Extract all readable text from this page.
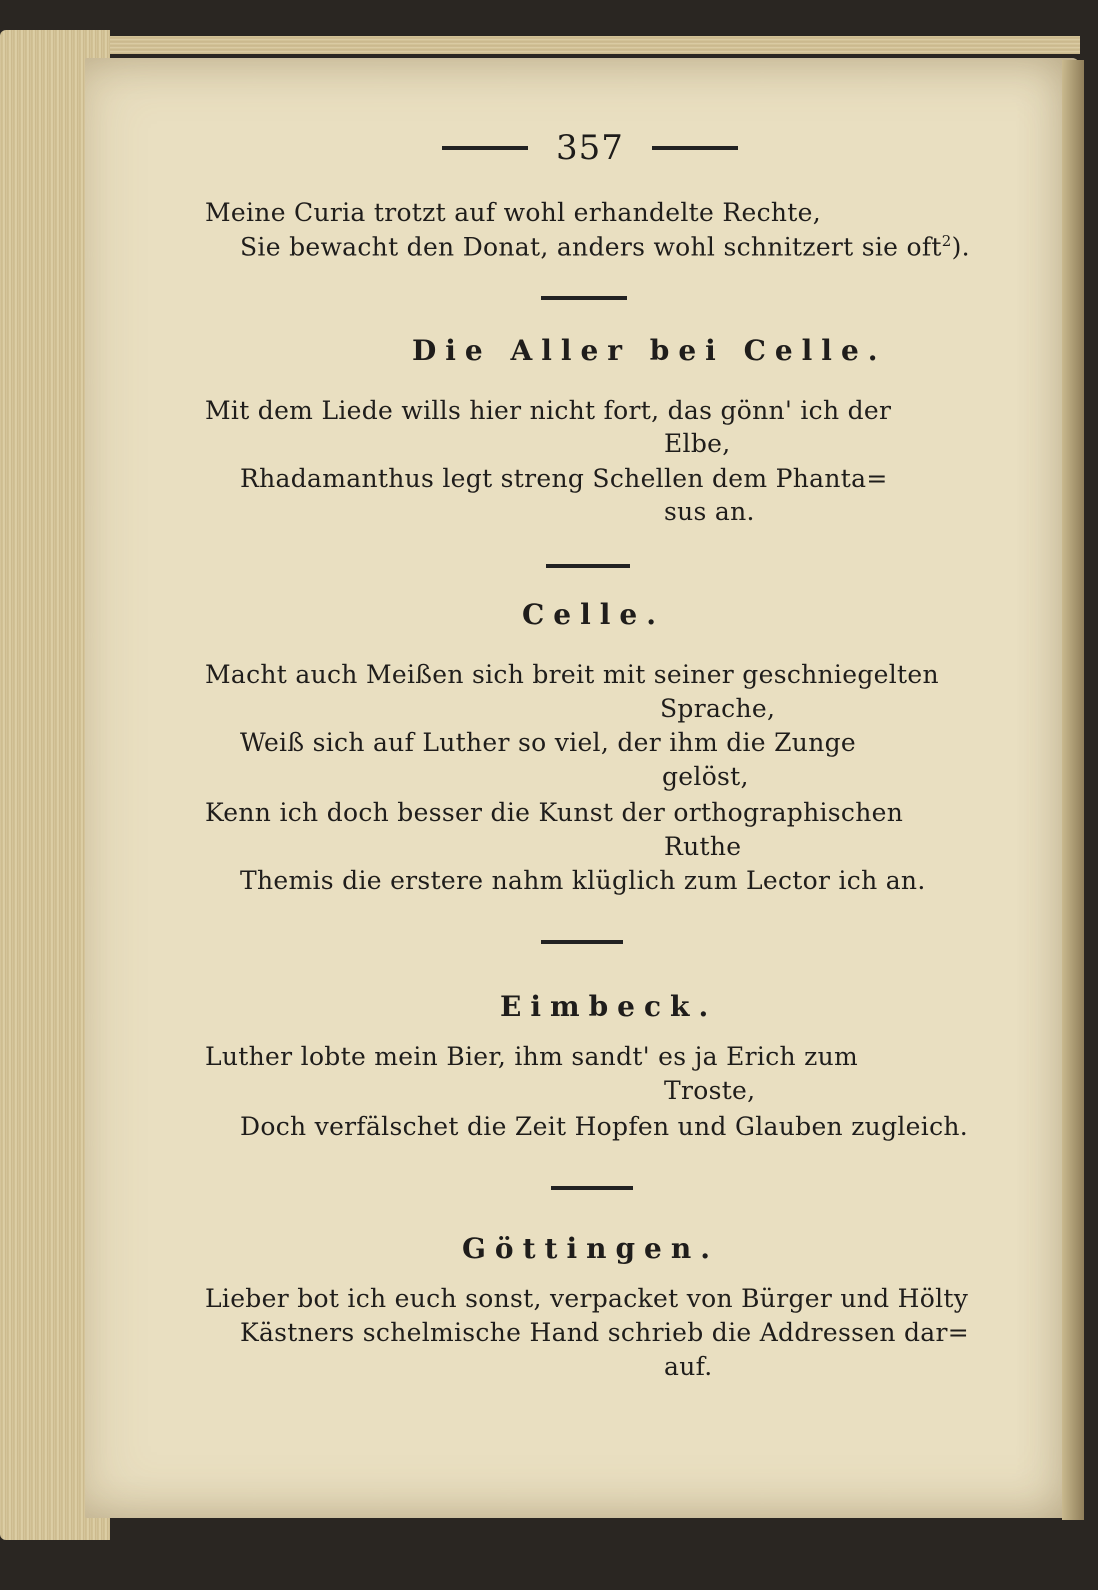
357
Meine Curia trotzt auf wohl erhandelte Rechte,
Sie bewacht den Donat, anders wohl schnitzert sie oft$^2$).
Die Aller bei Celle.
Mit dem Liede wills hier nicht fort, das gönn' ich der
Elbe,
Rhadamanthus legt streng Schellen dem Phanta=
sus an.
Celle.
Macht auch Meißen sich breit mit seiner geschniegelten
Sprache,
Weiß sich auf Luther so viel, der ihm die Zunge
gelöst,
Kenn ich doch besser die Kunst der orthographischen
Ruthe
Themis die erstere nahm klüglich zum Lector ich an.
Eimbeck.
Luther lobte mein Bier, ihm sandt' es ja Erich zum
Troste,
Doch verfälschet die Zeit Hopfen und Glauben zugleich.
Göttingen.
Lieber bot ich euch sonst, verpacket von Bürger und Hölty
Kästners schelmische Hand schrieb die Addressen dar=
auf.
